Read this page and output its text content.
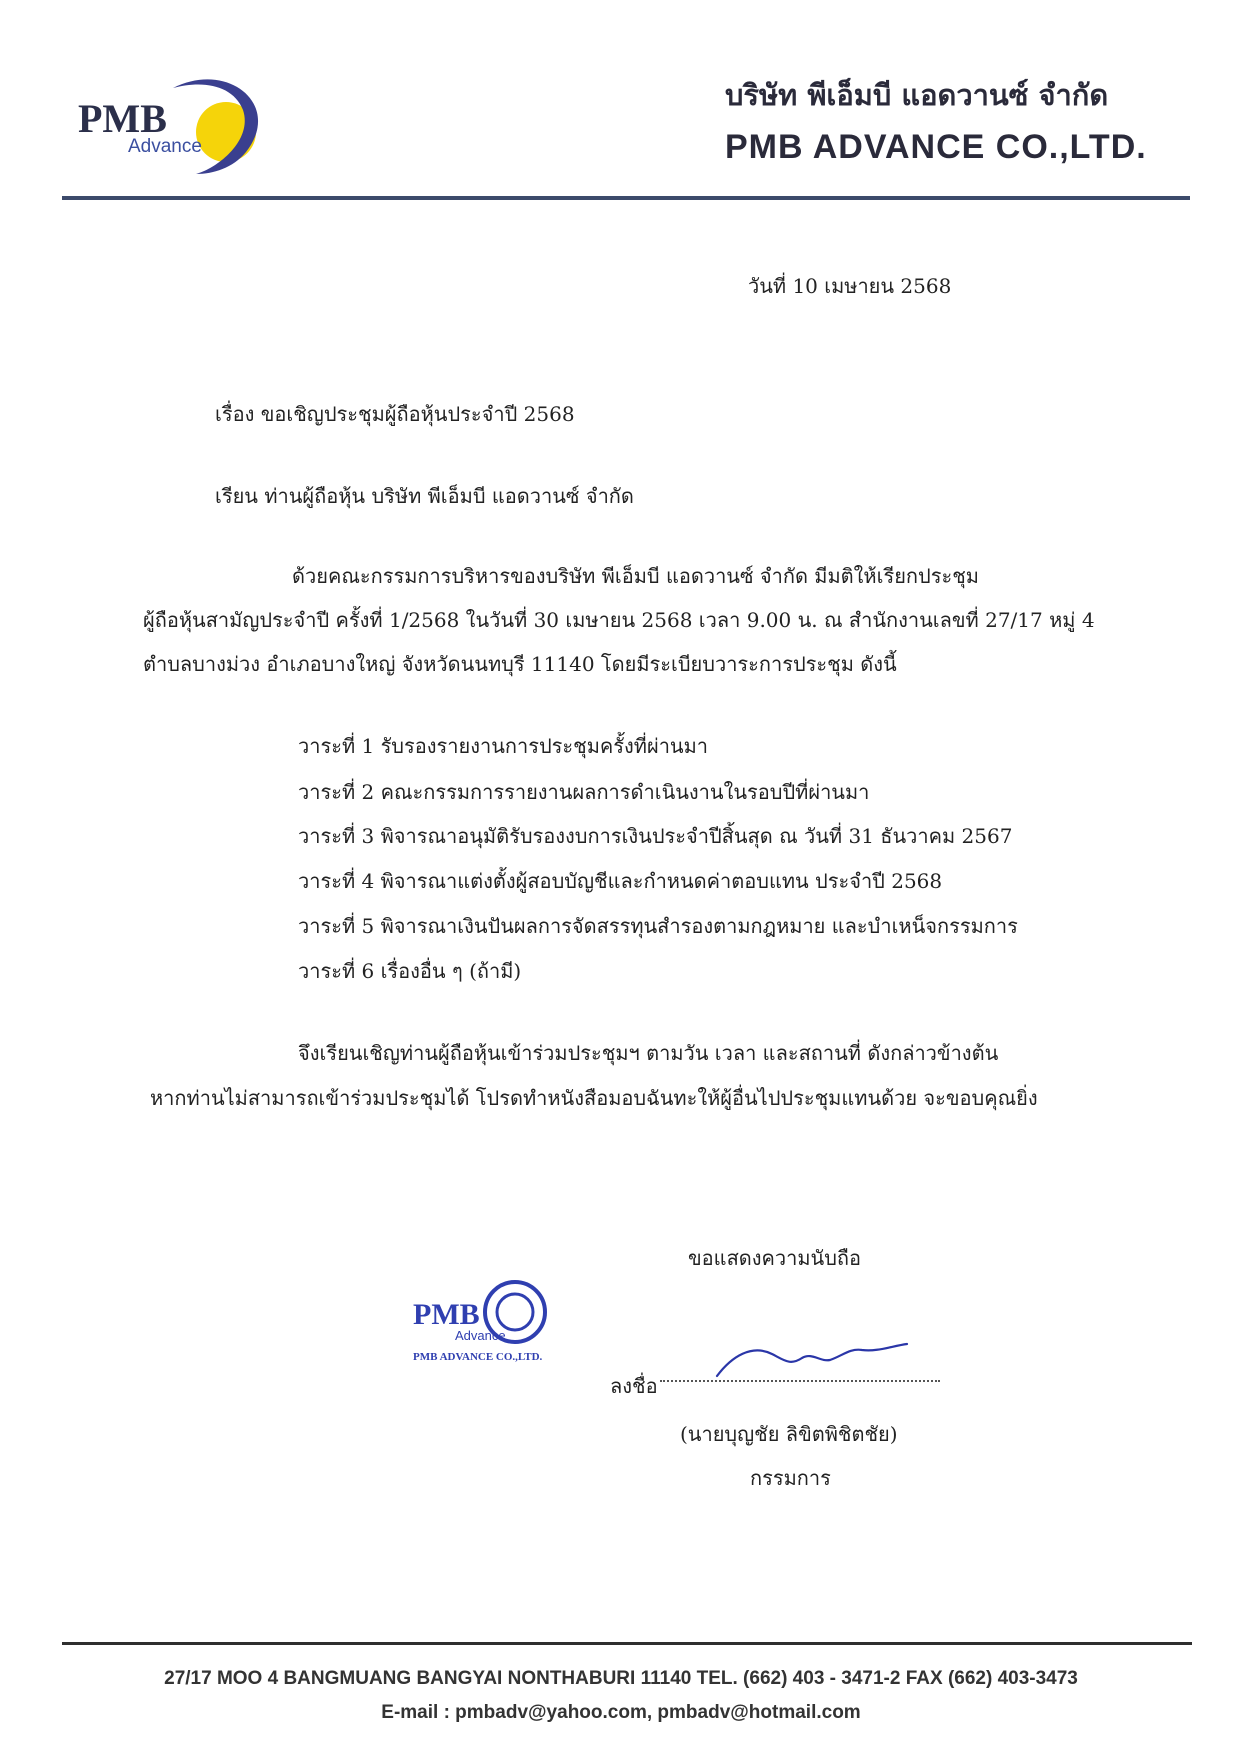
PMB
Advance
บริษัท พีเอ็มบี แอดวานซ์ จำกัด
PMB ADVANCE CO.,LTD.
วันที่ 10 เมษายน 2568
เรื่อง ขอเชิญประชุมผู้ถือหุ้นประจำปี 2568
เรียน ท่านผู้ถือหุ้น บริษัท พีเอ็มบี แอดวานซ์ จำกัด
ด้วยคณะกรรมการบริหารของบริษัท พีเอ็มบี แอดวานซ์ จำกัด มีมติให้เรียกประชุม
ผู้ถือหุ้นสามัญประจำปี ครั้งที่ 1/2568 ในวันที่ 30 เมษายน 2568 เวลา 9.00 น. ณ สำนักงานเลขที่ 27/17 หมู่ 4
ตำบลบางม่วง อำเภอบางใหญ่ จังหวัดนนทบุรี 11140 โดยมีระเบียบวาระการประชุม ดังนี้
วาระที่ 1 รับรองรายงานการประชุมครั้งที่ผ่านมา
วาระที่ 2 คณะกรรมการรายงานผลการดำเนินงานในรอบปีที่ผ่านมา
วาระที่ 3 พิจารณาอนุมัติรับรองงบการเงินประจำปีสิ้นสุด ณ วันที่ 31 ธันวาคม 2567
วาระที่ 4 พิจารณาแต่งตั้งผู้สอบบัญชีและกำหนดค่าตอบแทน ประจำปี 2568
วาระที่ 5 พิจารณาเงินปันผลการจัดสรรทุนสำรองตามกฎหมาย และบำเหน็จกรรมการ
วาระที่ 6 เรื่องอื่น ๆ (ถ้ามี)
จึงเรียนเชิญท่านผู้ถือหุ้นเข้าร่วมประชุมฯ ตามวัน เวลา และสถานที่ ดังกล่าวข้างต้น
หากท่านไม่สามารถเข้าร่วมประชุมได้ โปรดทำหนังสือมอบฉันทะให้ผู้อื่นไปประชุมแทนด้วย จะขอบคุณยิ่ง
ขอแสดงความนับถือ
PMB
Advance
PMB ADVANCE CO.,LTD.
ลงชื่อ
(นายบุญชัย ลิขิตพิชิตชัย)
กรรมการ
27/17 MOO 4 BANGMUANG BANGYAI NONTHABURI 11140 TEL. (662) 403 - 3471-2 FAX (662) 403-3473
E-mail : pmbadv@yahoo.com, pmbadv@hotmail.com
